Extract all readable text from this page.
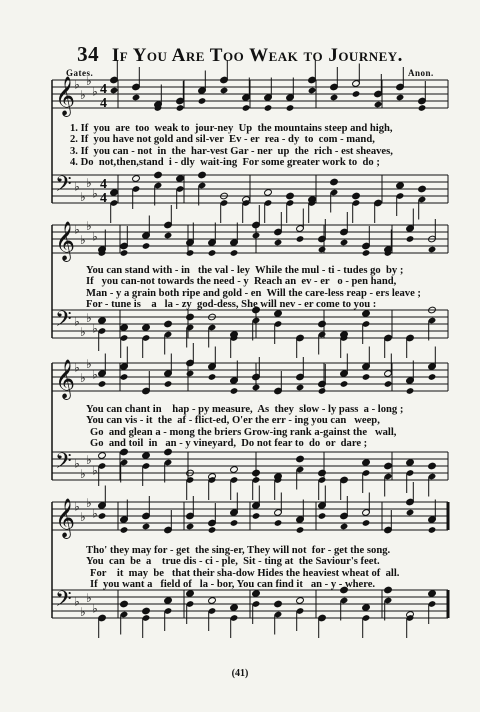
34 If You Are Too Weak to Journey.
Gates.	Anon.
𝄞
♭
♭
♭
♭
𝄢 ♭
♭
♭
♭
4
4
4
4
𝄞
♭
♭
♭
♭
𝄢 ♭
♭
♭
♭
𝄞
♭
♭
♭
♭
𝄢 ♭
♭
♭
♭
𝄞
♭
♭
♭
♭
𝄢 ♭
♭
♭
♭
1. If  you  are  too  weak to  jour-ney  Up  the mountains steep and high,
2. If  you have not gold and sil-ver  Ev - er  rea - dy  to  com - mand,
3. If  you can - not  in  the  har-vest Gar - ner  up  the  rich - est sheaves,
4. Do  not,then,stand  i - dly  wait-ing  For some greater work to  do ;
You can stand with - in   the val - ley  While the mul - ti - tudes go  by ;
If   you can-not towards the need - y  Reach an  ev - er   o - pen hand,
Man - y a grain both ripe and gold - en  Will the care-less reap - ers leave ;
For - tune is    a   la - zy  god-dess, She will nev - er come to you :
You can chant in    hap - py measure,  As  they  slow - ly pass  a - long ;
You can vis - it  the  af - flict-ed, O'er the err - ing you can   weep,
Go  and glean a - mong the briers Grow-ing rank a-gainst the   wall,
Go  and toil  in   an - y vineyard,  Do not fear to  do  or  dare ;
Tho' they may for - get  the sing-er, They will not  for - get the song.
You  can  be  a    true dis - ci - ple,  Sit - ting at  the Saviour's feet.
For    it  may  be   that their sha-dow Hides the heaviest wheat of  all.
If  you want a   field of   la - bor, You can find it   an - y - where.
(41)
